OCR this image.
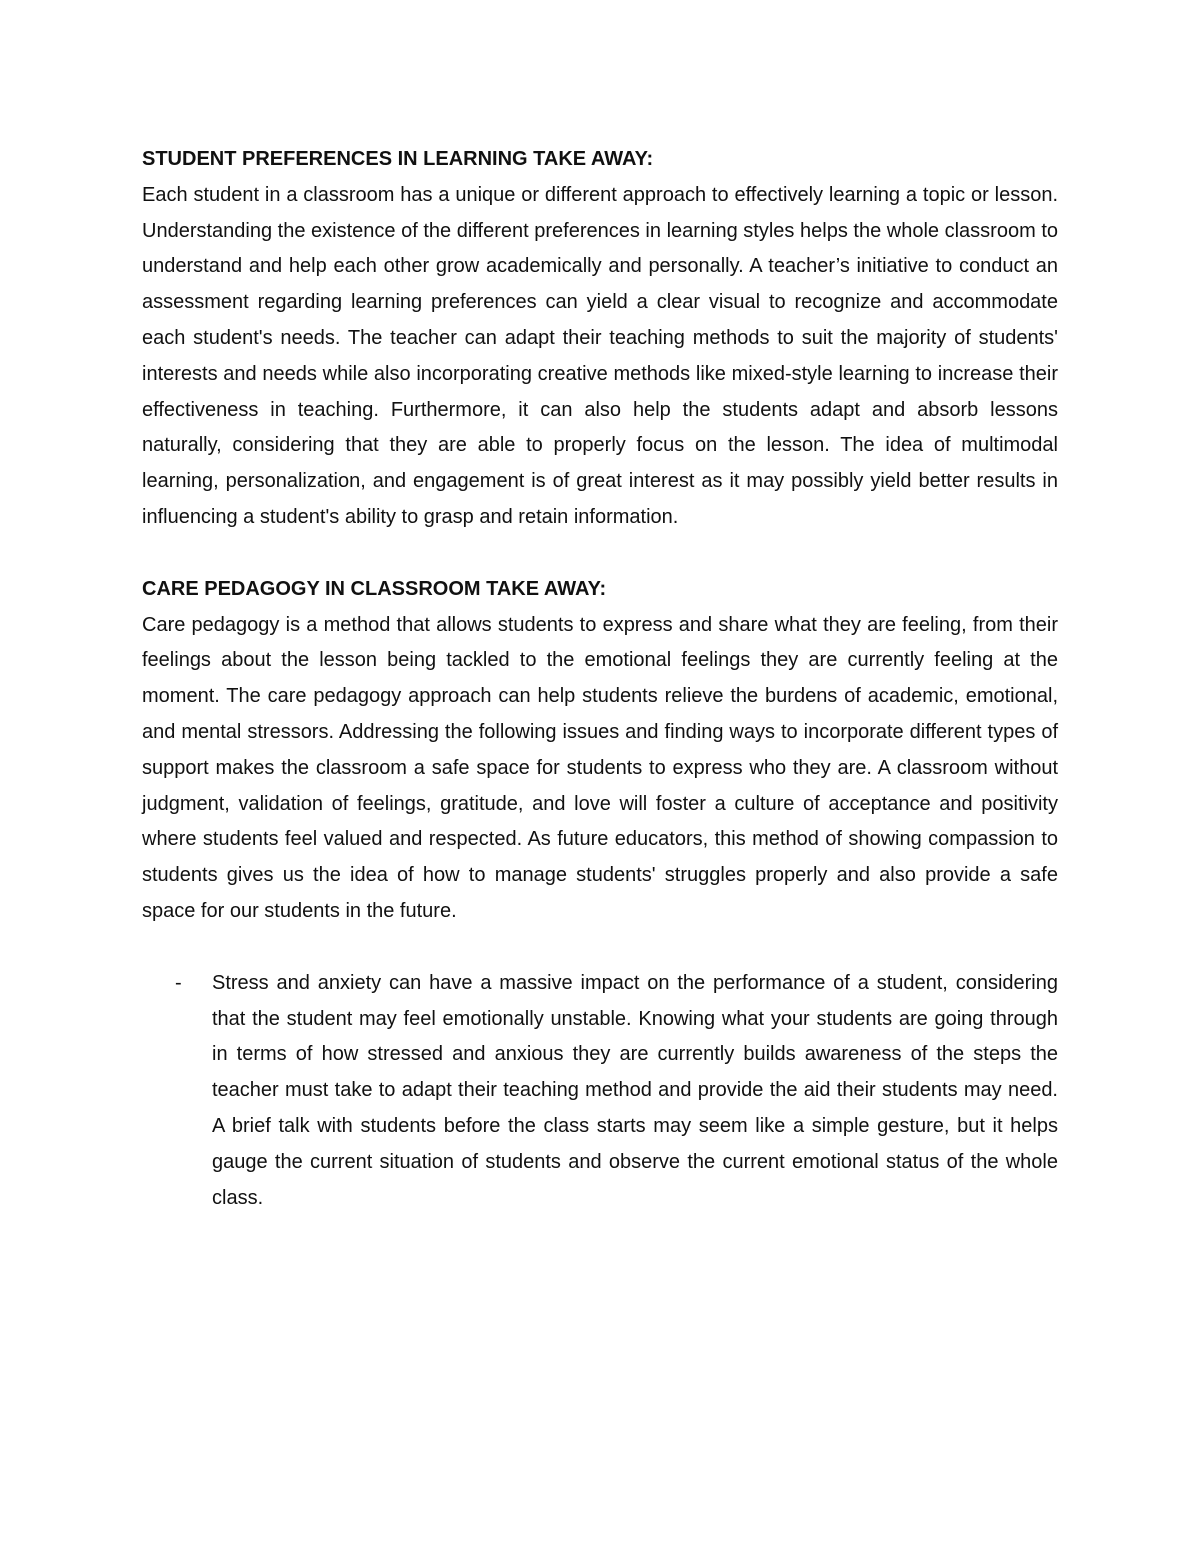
STUDENT PREFERENCES IN LEARNING TAKE AWAY:

Each student in a classroom has a unique or different approach to effectively learning a topic or lesson. Understanding the existence of the different preferences in learning styles helps the whole classroom to understand and help each other grow academically and personally. A teacher’s initiative to conduct an assessment regarding learning preferences can yield a clear visual to recognize and accommodate each student's needs. The teacher can adapt their teaching methods to suit the majority of students' interests and needs while also incorporating creative methods like mixed-style learning to increase their effectiveness in teaching. Furthermore, it can also help the students adapt and absorb lessons naturally, considering that they are able to properly focus on the lesson. The idea of multimodal learning, personalization, and engagement is of great interest as it may possibly yield better results in influencing a student's ability to grasp and retain information.

CARE PEDAGOGY IN CLASSROOM TAKE AWAY:

Care pedagogy is a method that allows students to express and share what they are feeling, from their feelings about the lesson being tackled to the emotional feelings they are currently feeling at the moment. The care pedagogy approach can help students relieve the burdens of academic, emotional, and mental stressors. Addressing the following issues and finding ways to incorporate different types of support makes the classroom a safe space for students to express who they are. A classroom without judgment, validation of feelings, gratitude, and love will foster a culture of acceptance and positivity where students feel valued and respected. As future educators, this method of showing compassion to students gives us the idea of how to manage students' struggles properly and also provide a safe space for our students in the future.

- Stress and anxiety can have a massive impact on the performance of a student, considering that the student may feel emotionally unstable. Knowing what your students are going through in terms of how stressed and anxious they are currently builds awareness of the steps the teacher must take to adapt their teaching method and provide the aid their students may need. A brief talk with students before the class starts may seem like a simple gesture, but it helps gauge the current situation of students and observe the current emotional status of the whole class.
